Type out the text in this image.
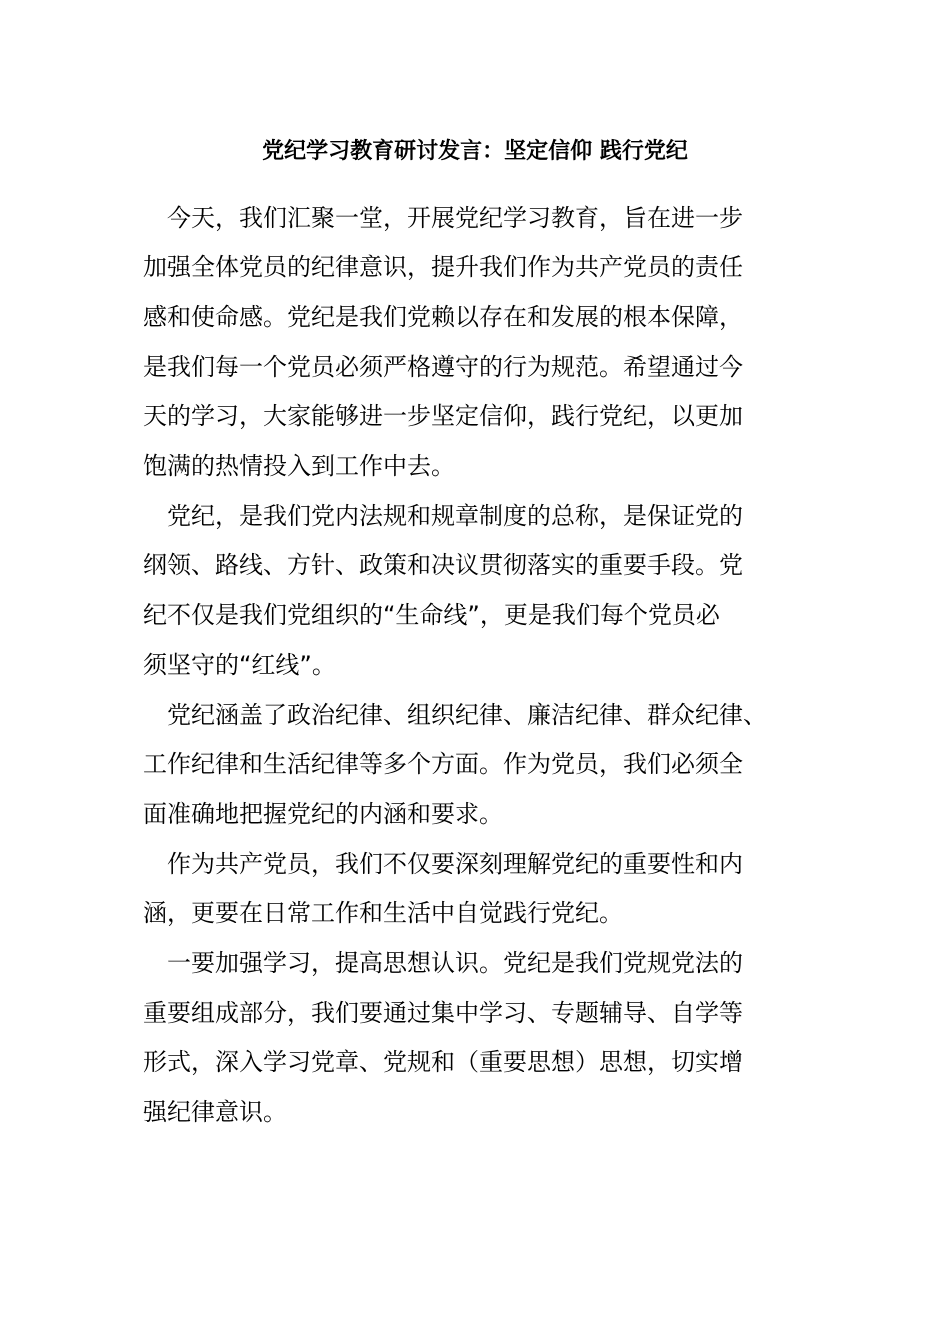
党纪学习教育研讨发言：坚定信仰 践行党纪
　今天，我们汇聚一堂，开展党纪学习教育，旨在进一步
加强全体党员的纪律意识，提升我们作为共产党员的责任
感和使命感。党纪是我们党赖以存在和发展的根本保障，
是我们每一个党员必须严格遵守的行为规范。希望通过今
天的学习，大家能够进一步坚定信仰，践行党纪，以更加
饱满的热情投入到工作中去。
　党纪，是我们党内法规和规章制度的总称，是保证党的
纲领、路线、方针、政策和决议贯彻落实的重要手段。党
纪不仅是我们党组织的“生命线”，更是我们每个党员必
须坚守的“红线”。
　党纪涵盖了政治纪律、组织纪律、廉洁纪律、群众纪律、
工作纪律和生活纪律等多个方面。作为党员，我们必须全
面准确地把握党纪的内涵和要求。
　作为共产党员，我们不仅要深刻理解党纪的重要性和内
涵，更要在日常工作和生活中自觉践行党纪。
　一要加强学习，提高思想认识。党纪是我们党规党法的
重要组成部分，我们要通过集中学习、专题辅导、自学等
形式，深入学习党章、党规和（重要思想）思想，切实增
强纪律意识。
